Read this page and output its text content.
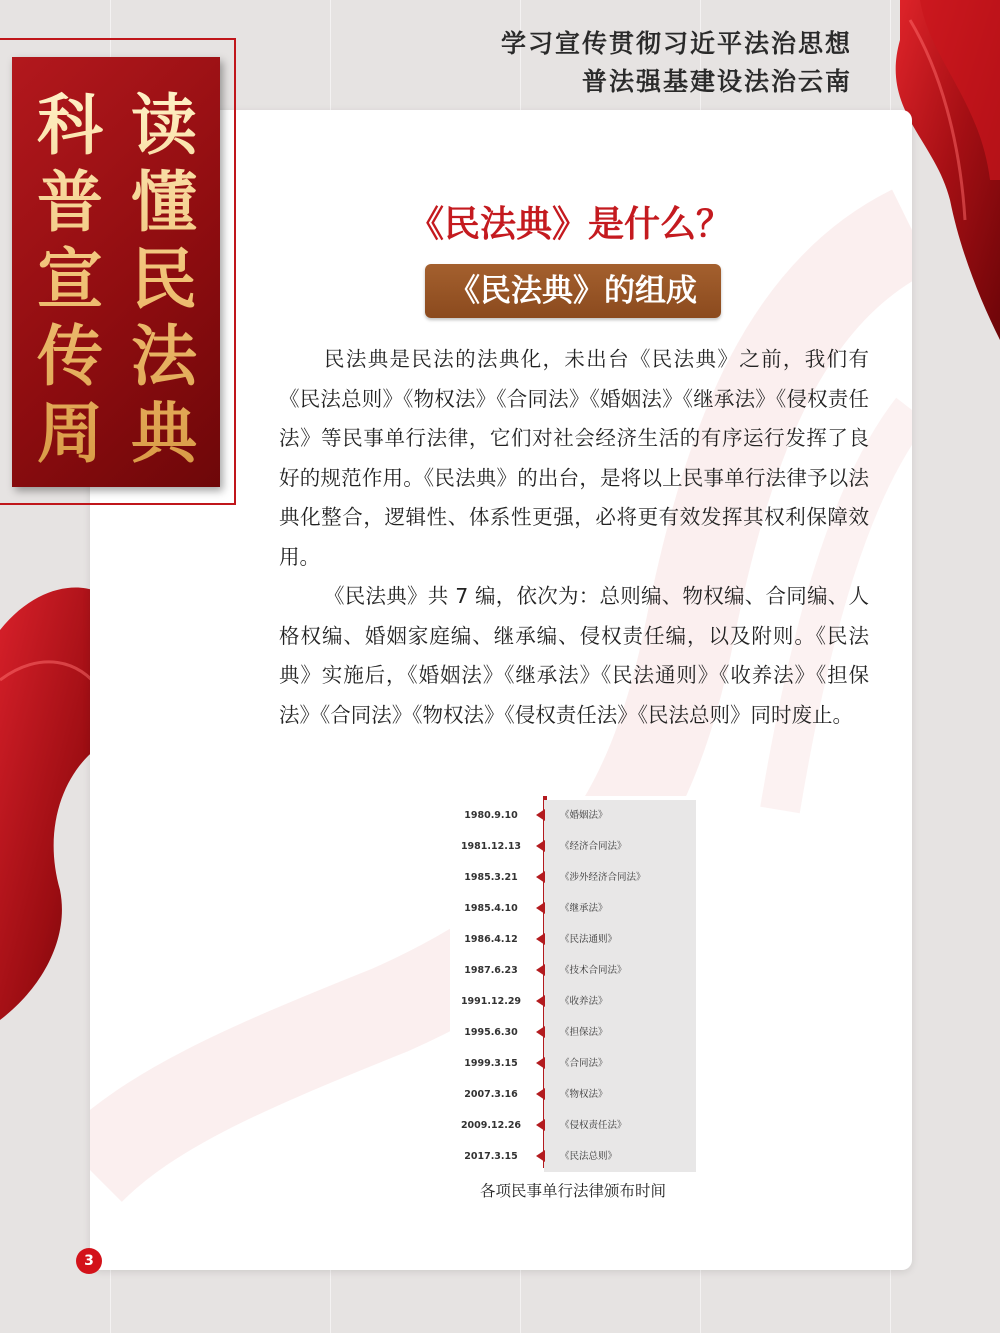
学习宣传贯彻习近平法治思想
普法强基建设法治云南
读懂民法典
科普宣传周
《民法典》是什么？
《民法典》的组成

民法典是民法的法典化，未出台《民法典》之前，我们有《民法总则》《物权法》《合同法》《婚姻法》《继承法》《侵权责任法》等民事单行法律，它们对社会经济生活的有序运行发挥了良好的规范作用。《民法典》的出台，是将以上民事单行法律予以法典化整合，逻辑性、体系性更强，必将更有效发挥其权利保障效用。

《民法典》共 7 编，依次为：总则编、物权编、合同编、人格权编、婚姻家庭编、继承编、侵权责任编，以及附则。《民法典》实施后，《婚姻法》《继承法》《民法通则》《收养法》《担保法》《合同法》《物权法》《侵权责任法》《民法总则》同时废止。

1980.9.10	《婚姻法》
1981.12.13	《经济合同法》
1985.3.21	《涉外经济合同法》
1985.4.10	《继承法》
1986.4.12	《民法通则》
1987.6.23	《技术合同法》
1991.12.29	《收养法》
1995.6.30	《担保法》
1999.3.15	《合同法》
2007.3.16	《物权法》
2009.12.26	《侵权责任法》
2017.3.15	《民法总则》
各项民事单行法律颁布时间
3
